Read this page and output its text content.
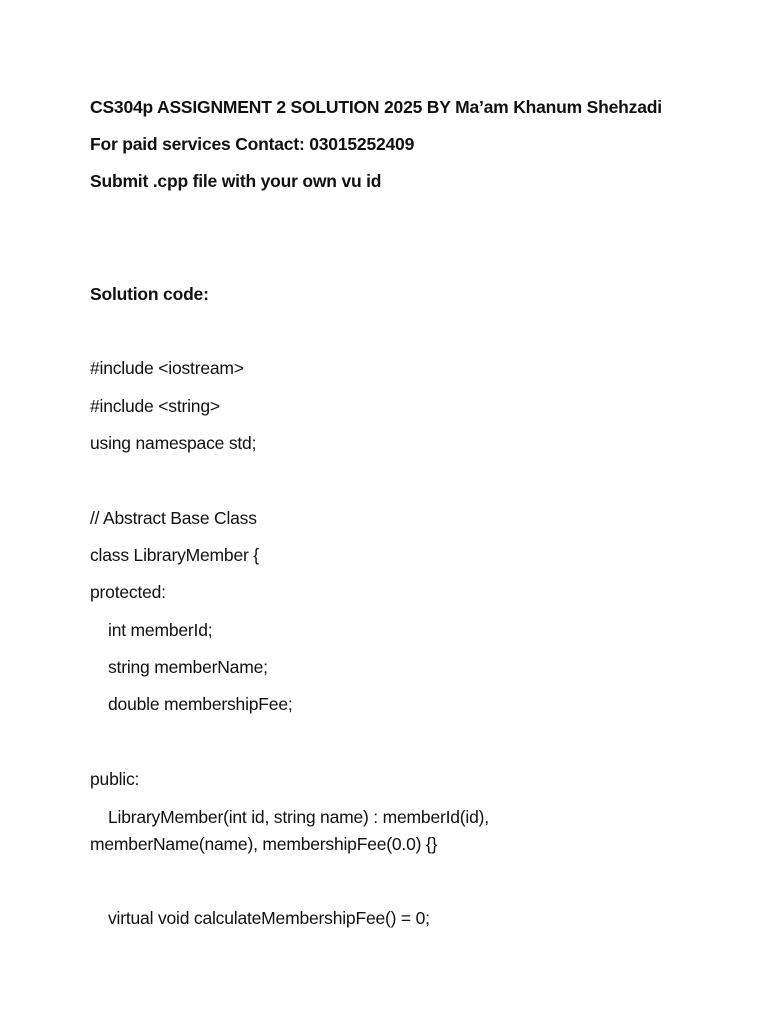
CS304p ASSIGNMENT 2 SOLUTION 2025 BY Ma’am Khanum Shehzadi
For paid services Contact: 03015252409
Submit .cpp file with your own vu id
Solution code:
#include <iostream>
#include <string>
using namespace std;
// Abstract Base Class
class LibraryMember {
protected:
int memberId;
string memberName;
double membershipFee;
public:
LibraryMember(int id, string name) : memberId(id),
memberName(name), membershipFee(0.0) {}
virtual void calculateMembershipFee() = 0;
